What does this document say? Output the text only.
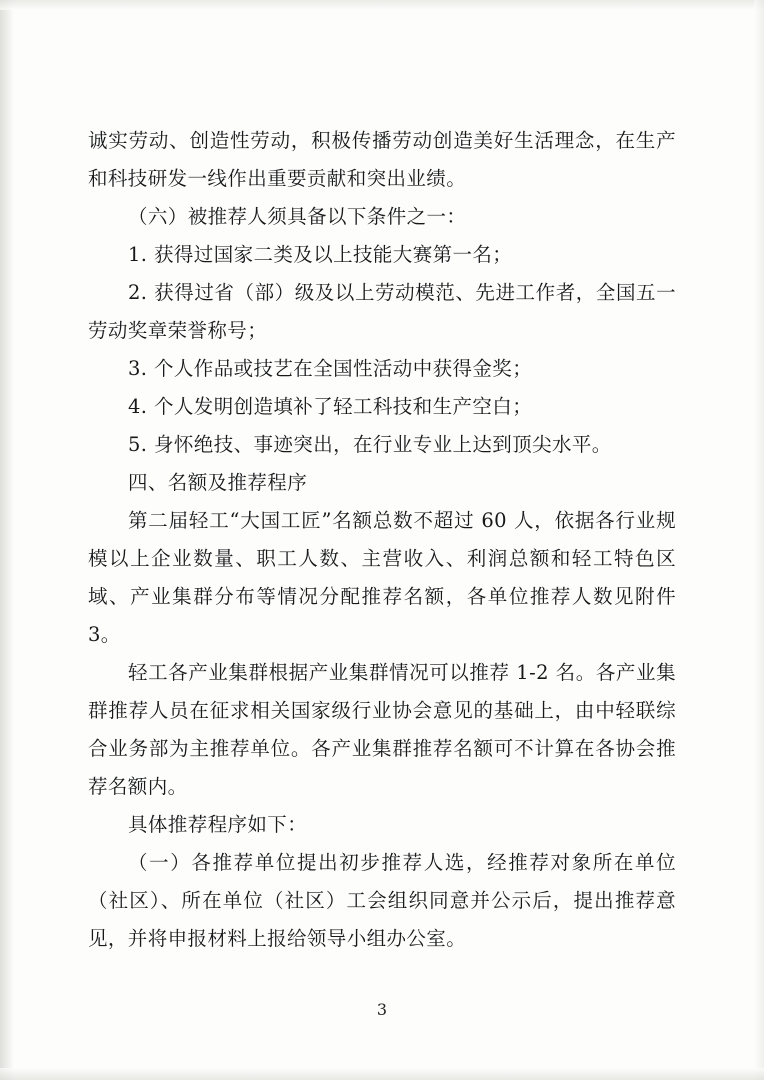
诚实劳动、创造性劳动，积极传播劳动创造美好生活理念，在生产和科技研发一线作出重要贡献和突出业绩。

（六）被推荐人须具备以下条件之一：

1. 获得过国家二类及以上技能大赛第一名；

2. 获得过省（部）级及以上劳动模范、先进工作者，全国五一劳动奖章荣誉称号；

3. 个人作品或技艺在全国性活动中获得金奖；

4. 个人发明创造填补了轻工科技和生产空白；

5. 身怀绝技、事迹突出，在行业专业上达到顶尖水平。

四、名额及推荐程序

第二届轻工“大国工匠”名额总数不超过 60 人，依据各行业规模以上企业数量、职工人数、主营收入、利润总额和轻工特色区域、产业集群分布等情况分配推荐名额，各单位推荐人数见附件 3。

轻工各产业集群根据产业集群情况可以推荐 1-2 名。各产业集群推荐人员在征求相关国家级行业协会意见的基础上，由中轻联综合业务部为主推荐单位。各产业集群推荐名额可不计算在各协会推荐名额内。

具体推荐程序如下：

（一）各推荐单位提出初步推荐人选，经推荐对象所在单位（社区）、所在单位（社区）工会组织同意并公示后，提出推荐意见，并将申报材料上报给领导小组办公室。

3
